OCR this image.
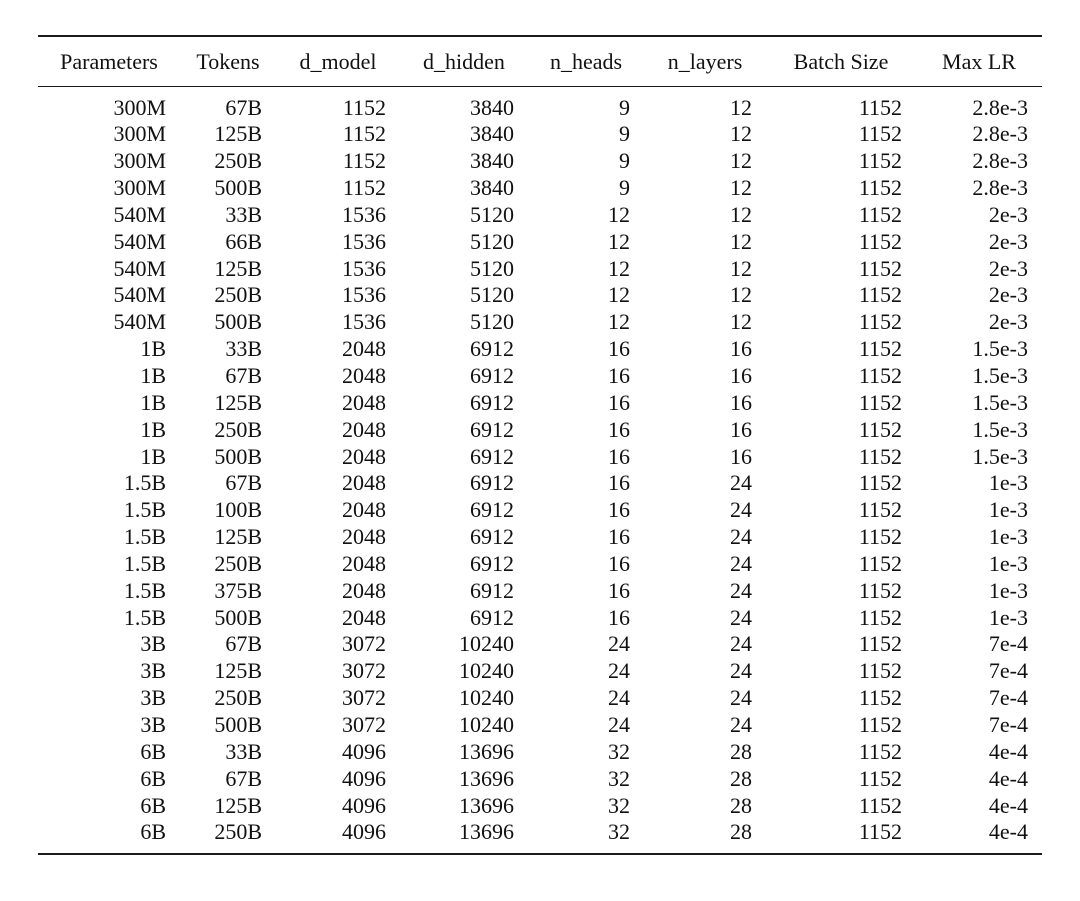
Parameters	Tokens	d_model	d_hidden	n_heads	n_layers	Batch Size	Max LR
300M	67B	1152	3840	9	12	1152	2.8e-3
300M	125B	1152	3840	9	12	1152	2.8e-3
300M	250B	1152	3840	9	12	1152	2.8e-3
300M	500B	1152	3840	9	12	1152	2.8e-3
540M	33B	1536	5120	12	12	1152	2e-3
540M	66B	1536	5120	12	12	1152	2e-3
540M	125B	1536	5120	12	12	1152	2e-3
540M	250B	1536	5120	12	12	1152	2e-3
540M	500B	1536	5120	12	12	1152	2e-3
1B	33B	2048	6912	16	16	1152	1.5e-3
1B	67B	2048	6912	16	16	1152	1.5e-3
1B	125B	2048	6912	16	16	1152	1.5e-3
1B	250B	2048	6912	16	16	1152	1.5e-3
1B	500B	2048	6912	16	16	1152	1.5e-3
1.5B	67B	2048	6912	16	24	1152	1e-3
1.5B	100B	2048	6912	16	24	1152	1e-3
1.5B	125B	2048	6912	16	24	1152	1e-3
1.5B	250B	2048	6912	16	24	1152	1e-3
1.5B	375B	2048	6912	16	24	1152	1e-3
1.5B	500B	2048	6912	16	24	1152	1e-3
3B	67B	3072	10240	24	24	1152	7e-4
3B	125B	3072	10240	24	24	1152	7e-4
3B	250B	3072	10240	24	24	1152	7e-4
3B	500B	3072	10240	24	24	1152	7e-4
6B	33B	4096	13696	32	28	1152	4e-4
6B	67B	4096	13696	32	28	1152	4e-4
6B	125B	4096	13696	32	28	1152	4e-4
6B	250B	4096	13696	32	28	1152	4e-4
